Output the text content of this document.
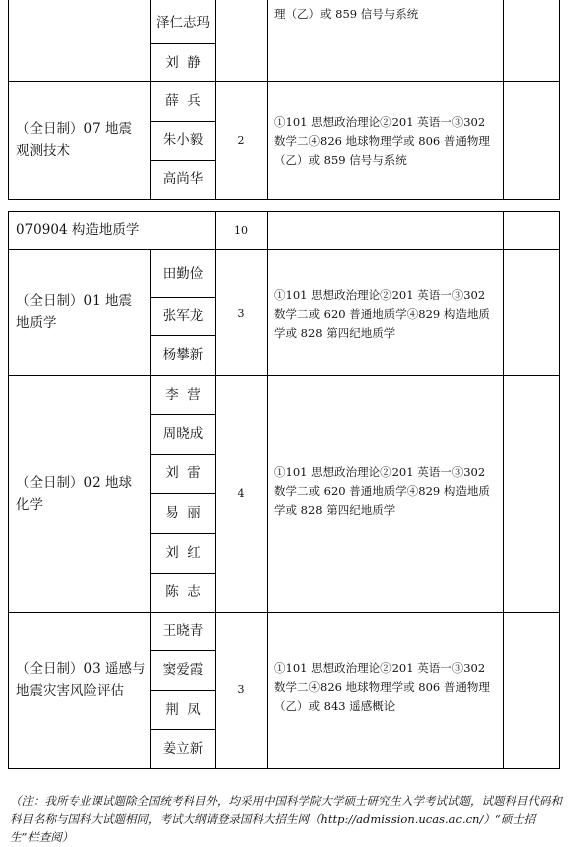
泽仁志玛
刘  静
理（乙）或 859 信号与系统
（全日制）07 地震观测技术
2
薛  兵
朱小毅
高尚华
①101 思想政治理论②201 英语一③302 数学二④826 地球物理学或 806 普通物理（乙）或 859 信号与系统
070904 构造地质学	10
（全日制）01 地震地质学
3
田勤俭
张军龙
杨攀新
①101 思想政治理论②201 英语一③302 数学二或 620 普通地质学④829 构造地质学或 828 第四纪地质学
（全日制）02 地球化学
4
李  营
周晓成
刘  雷
易  丽
刘  红
陈  志
①101 思想政治理论②201 英语一③302 数学二或 620 普通地质学④829 构造地质学或 828 第四纪地质学
（全日制）03 遥感与地震灾害风险评估	3
王晓青
窦爱霞
荆  凤
姜立新
①101 思想政治理论②201 英语一③302 数学二④826 地球物理学或 806 普通物理（乙）或 843 遥感概论
（注：我所专业课试题除全国统考科目外，均采用中国科学院大学硕士研究生入学考试试题，试题科目代码和科目名称与国科大试题相同，考试大纲请登录国科大招生网（http://admission.ucas.ac.cn/）“硕士招生”栏查阅）
